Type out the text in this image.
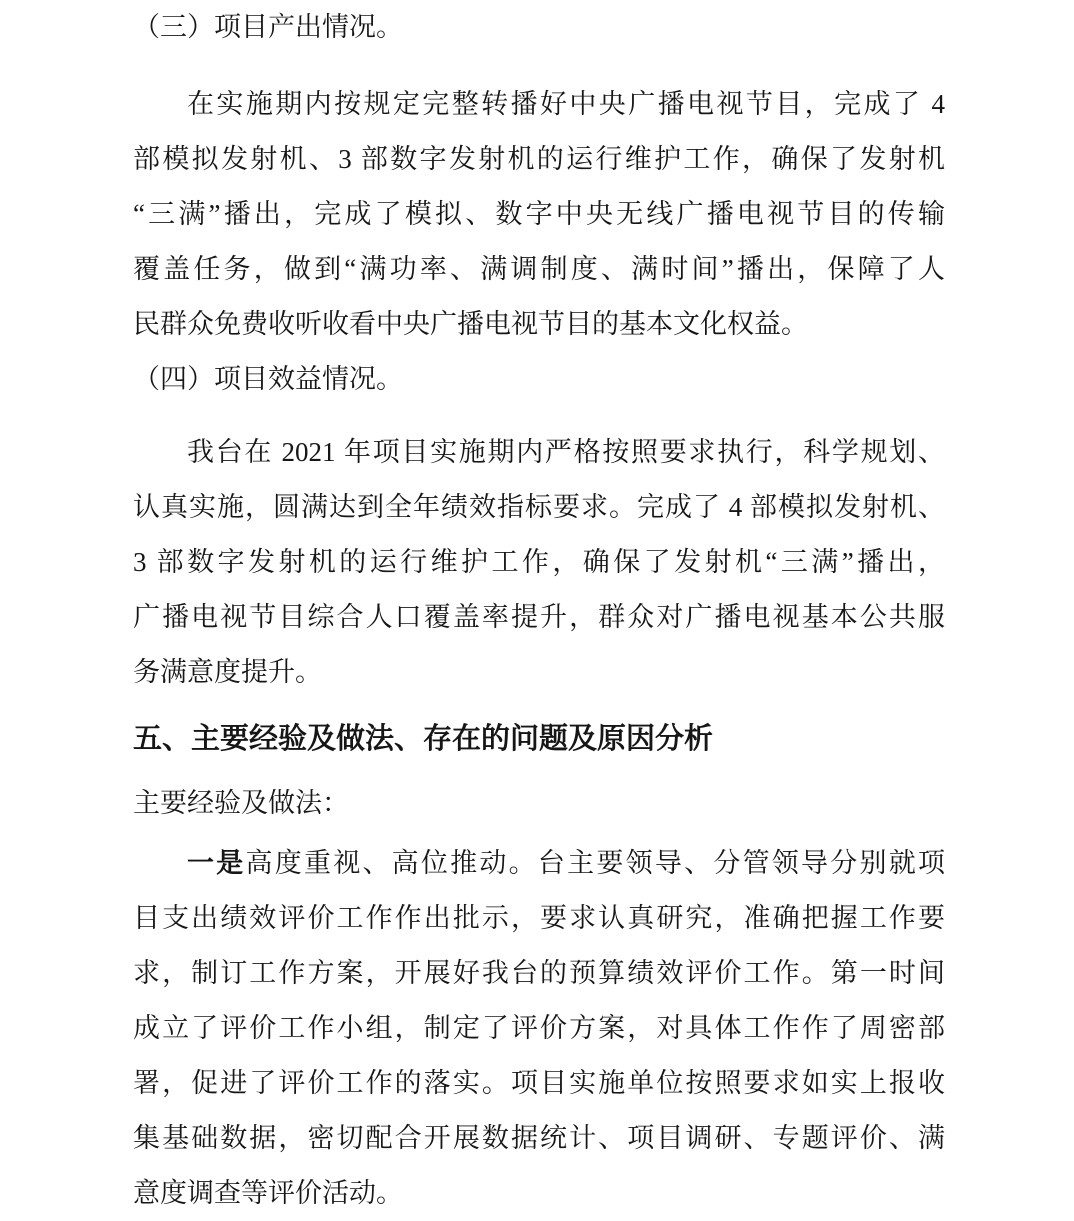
（三）项目产出情况。
在实施期内按规定完整转播好中央广播电视节目，完成了 4
部模拟发射机、3 部数字发射机的运行维护工作，确保了发射机
“三满”播出，完成了模拟、数字中央无线广播电视节目的传输
覆盖任务，做到“满功率、满调制度、满时间”播出，保障了人
民群众免费收听收看中央广播电视节目的基本文化权益。
（四）项目效益情况。
我台在 2021 年项目实施期内严格按照要求执行，科学规划、
认真实施，圆满达到全年绩效指标要求。完成了 4 部模拟发射机、
3 部数字发射机的运行维护工作，确保了发射机“三满”播出，
广播电视节目综合人口覆盖率提升，群众对广播电视基本公共服
务满意度提升。
五、主要经验及做法、存在的问题及原因分析
主要经验及做法：
一是高度重视、高位推动。台主要领导、分管领导分别就项
目支出绩效评价工作作出批示，要求认真研究，准确把握工作要
求，制订工作方案，开展好我台的预算绩效评价工作。第一时间
成立了评价工作小组，制定了评价方案，对具体工作作了周密部
署，促进了评价工作的落实。项目实施单位按照要求如实上报收
集基础数据，密切配合开展数据统计、项目调研、专题评价、满
意度调查等评价活动。
